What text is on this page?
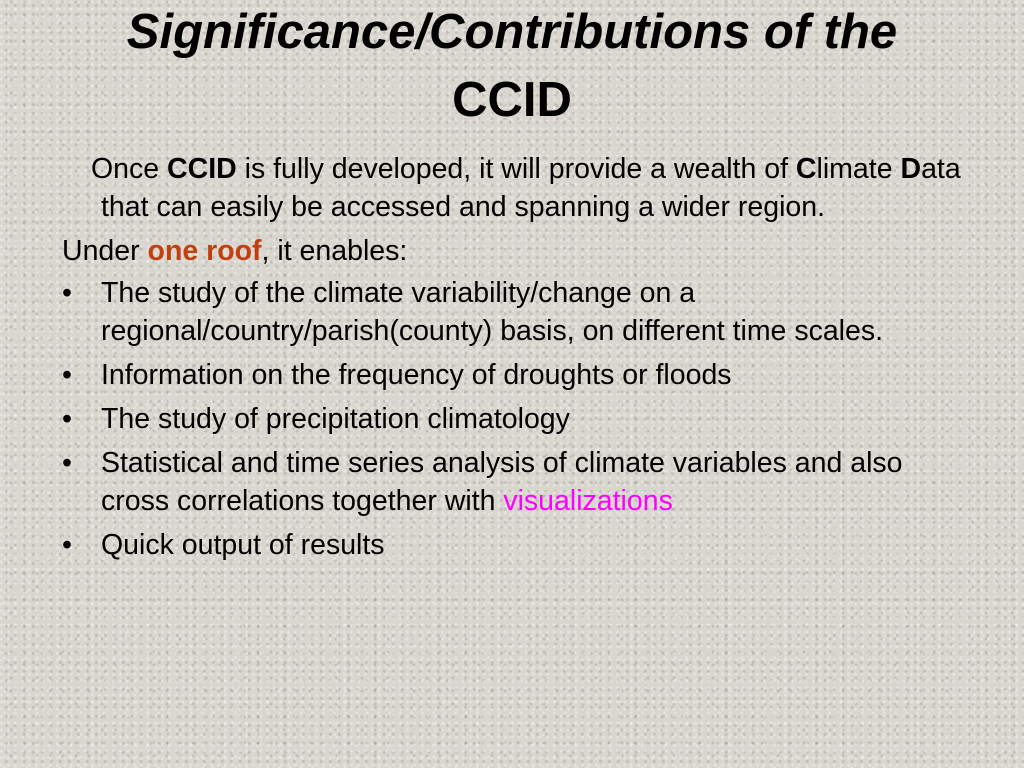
Significance/Contributions of the
CCID

Once CCID is fully developed, it will provide a wealth of Climate Data that can easily be accessed and spanning a wider region.

Under one roof, it enables:

•	The study of the climate variability/change on a regional/country/parish(county) basis, on different time scales.
•	Information on the frequency of droughts or floods
•	The study of precipitation climatology
•	Statistical and time series analysis of climate variables and also cross correlations together with visualizations
•	Quick output of results
